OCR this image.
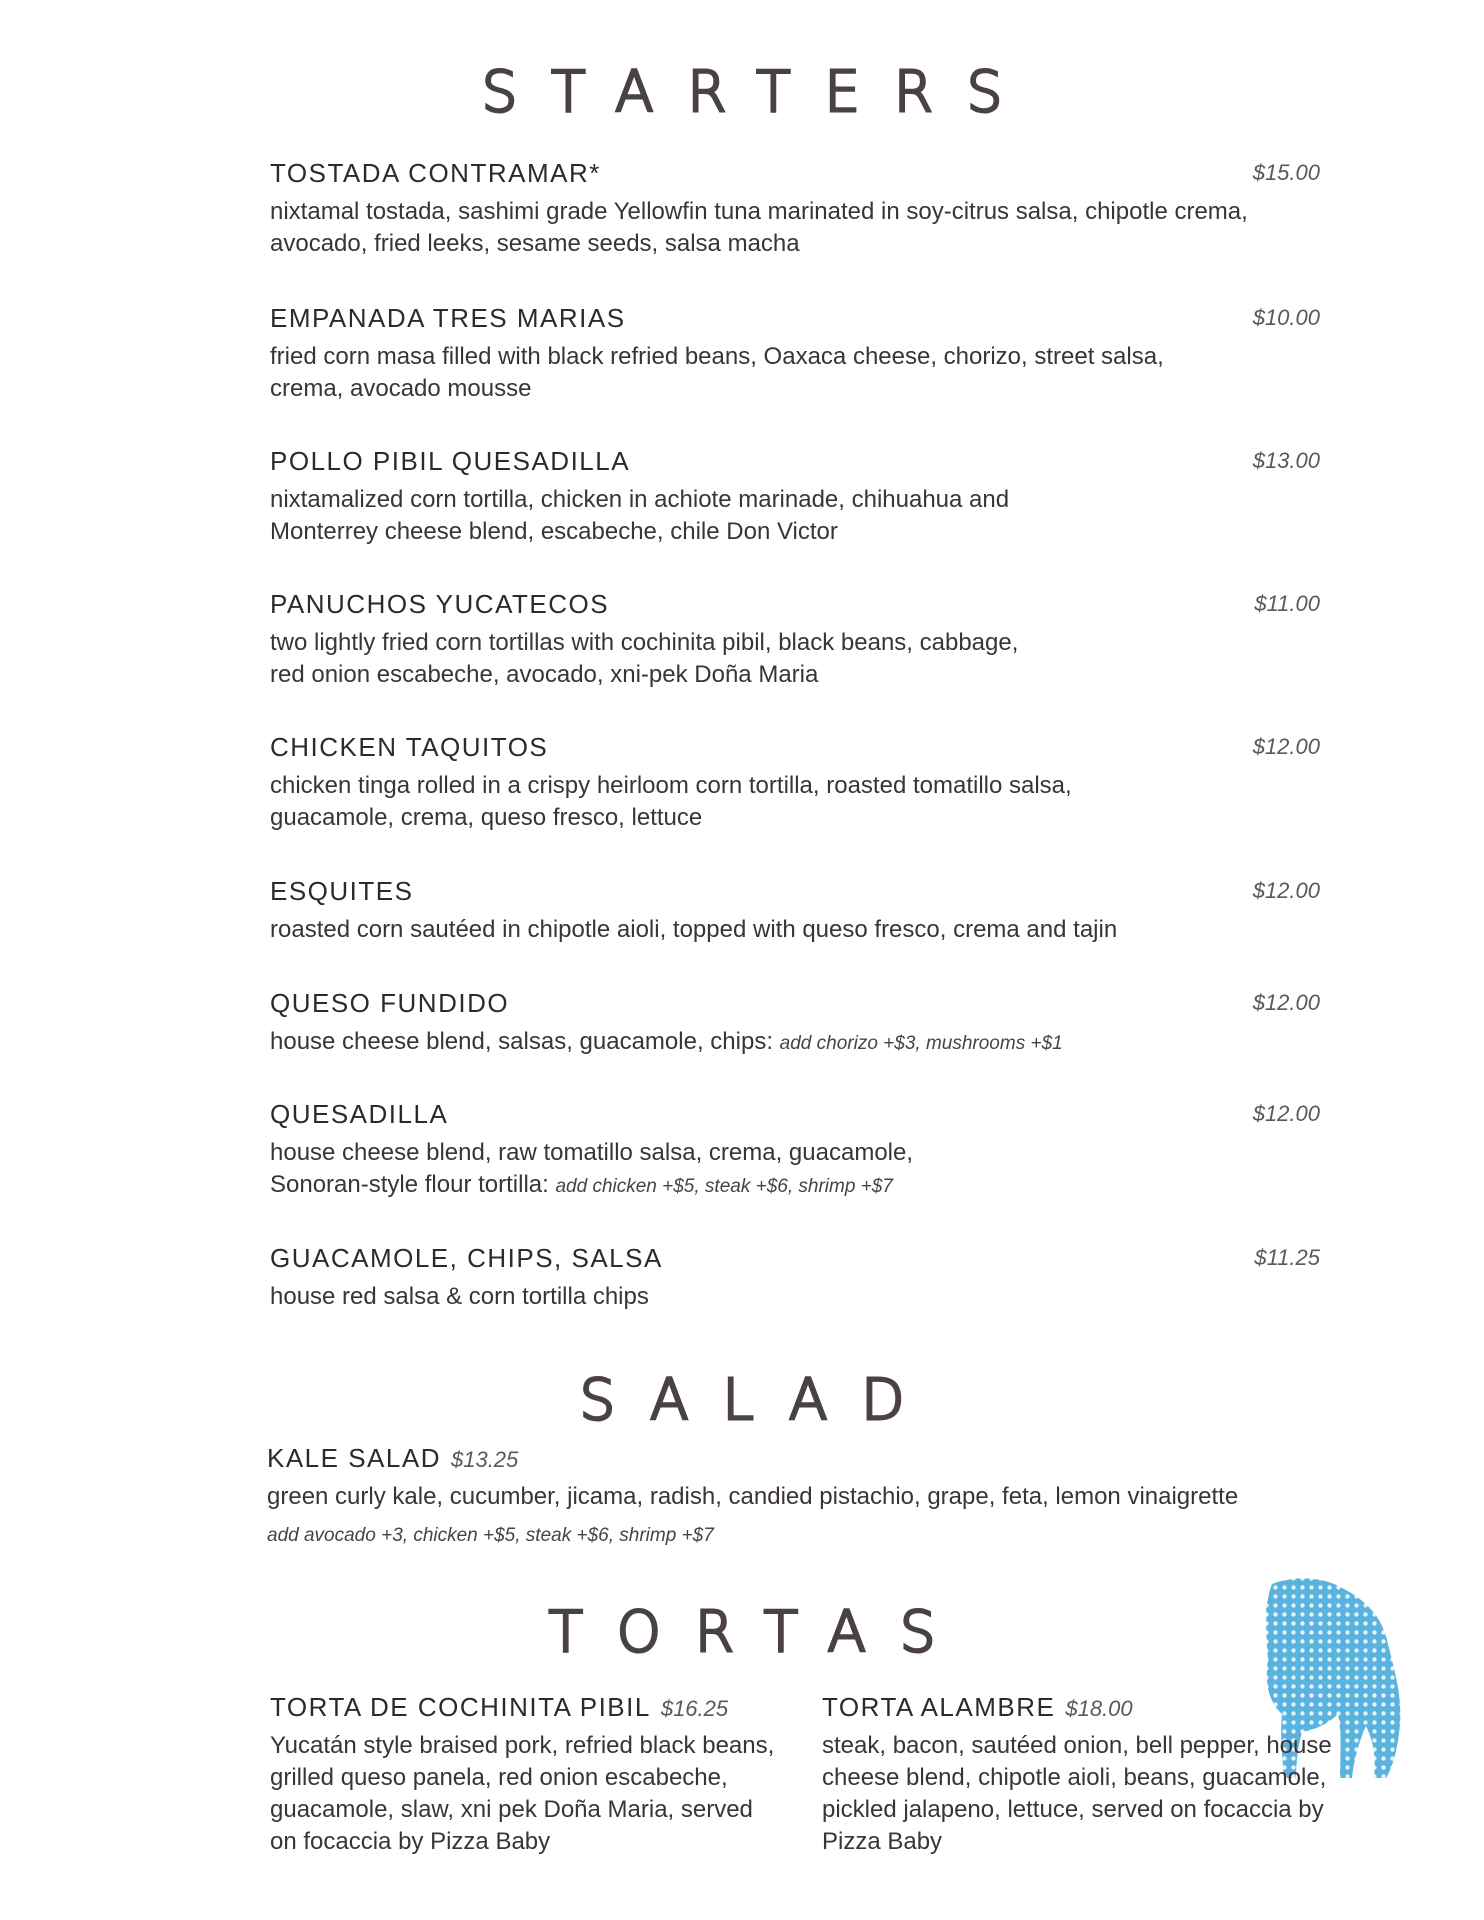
STARTERS
TOSTADA CONTRAMAR*	$15.00
nixtamal tostada, sashimi grade Yellowfin tuna marinated in soy-citrus salsa, chipotle crema, avocado, fried leeks, sesame seeds, salsa macha
EMPANADA TRES MARIAS	$10.00
fried corn masa filled with black refried beans, Oaxaca cheese, chorizo, street salsa,
crema, avocado mousse
POLLO PIBIL QUESADILLA	$13.00
nixtamalized corn tortilla, chicken in achiote marinade, chihuahua and
Monterrey cheese blend, escabeche, chile Don Victor
PANUCHOS YUCATECOS	$11.00
two lightly fried corn tortillas with cochinita pibil, black beans, cabbage,
red onion escabeche, avocado, xni-pek Doña Maria
CHICKEN TAQUITOS	$12.00
chicken tinga rolled in a crispy heirloom corn tortilla, roasted tomatillo salsa,
guacamole, crema, queso fresco, lettuce
ESQUITES	$12.00
roasted corn sautéed in chipotle aioli, topped with queso fresco, crema and tajin
QUESO FUNDIDO	$12.00
house cheese blend, salsas, guacamole, chips: add chorizo +$3, mushrooms +$1
QUESADILLA	$12.00
house cheese blend, raw tomatillo salsa, crema, guacamole,
Sonoran-style flour tortilla: add chicken +$5, steak +$6, shrimp +$7
GUACAMOLE, CHIPS, SALSA	$11.25
house red salsa & corn tortilla chips
SALAD
KALE SALAD $13.25
green curly kale, cucumber, jicama, radish, candied pistachio, grape, feta, lemon vinaigrette
add avocado +3, chicken +$5, steak +$6, shrimp +$7
TORTAS
TORTA DE COCHINITA PIBIL $16.25
Yucatán style braised pork, refried black beans,
grilled queso panela, red onion escabeche,
guacamole, slaw, xni pek Doña Maria, served
on focaccia by Pizza Baby
TORTA ALAMBRE $18.00
steak, bacon, sautéed onion, bell pepper, house
cheese blend, chipotle aioli, beans, guacamole,
pickled jalapeno, lettuce, served on focaccia by
Pizza Baby
